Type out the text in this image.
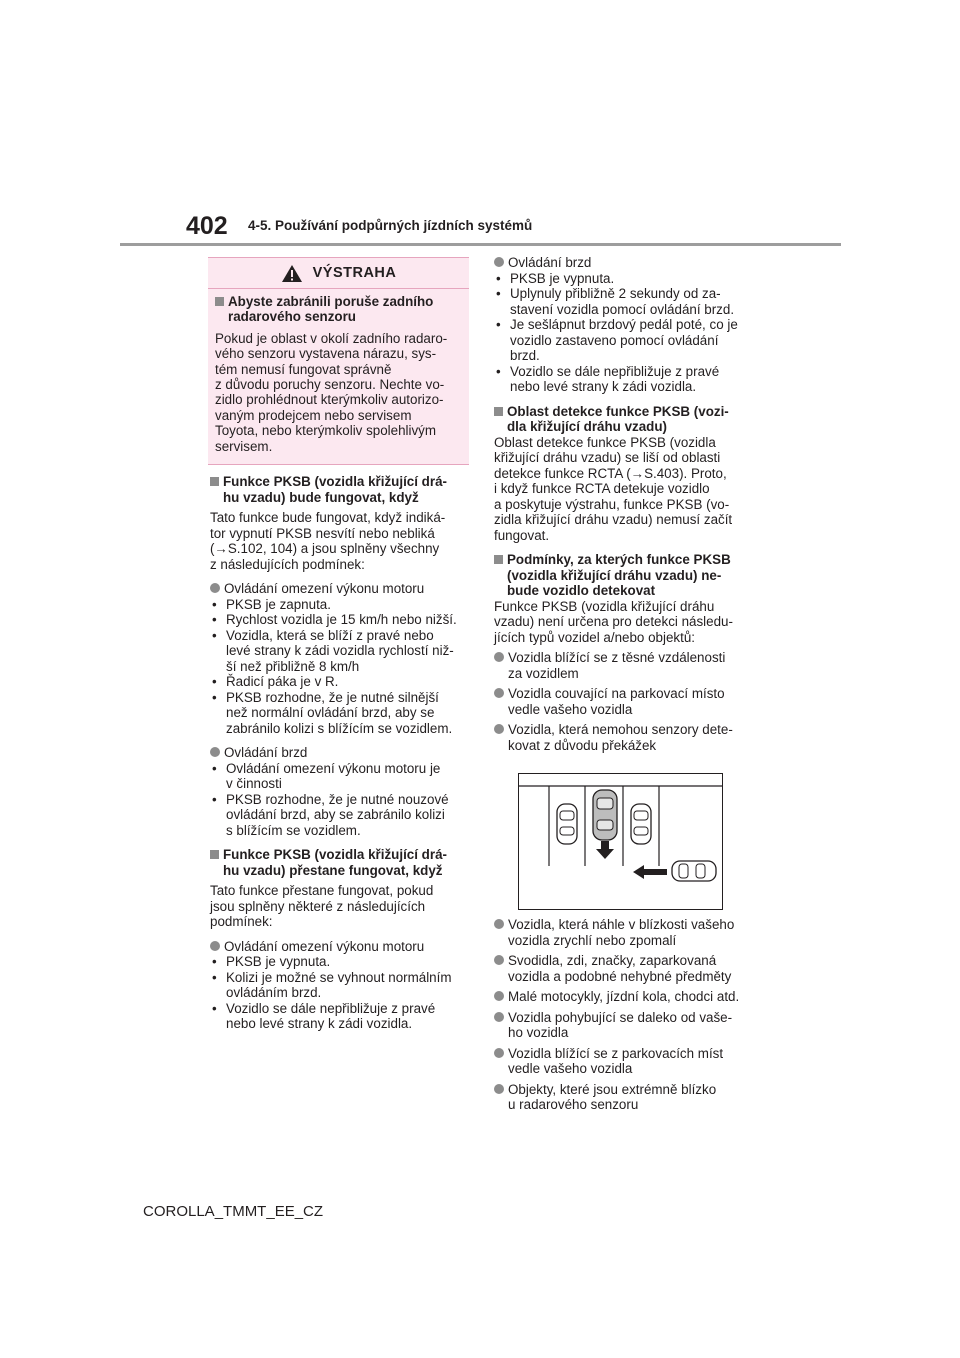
402 4-5. Používání podpůrných jízdních systémů
VÝSTRAHA
Abyste zabránili poruše zadního radarového senzoru
Pokud je oblast v okolí zadního radaro-
vého senzoru vystavena nárazu, sys-
tém nemusí fungovat správně
z důvodu poruchy senzoru. Nechte vo-
zidlo prohlédnout kterýmkoliv autorizo-
vaným prodejcem nebo servisem
Toyota, nebo kterýmkoliv spolehlivým
servisem.
Funkce PKSB (vozidla křižující drá-
hu vzadu) bude fungovat, když
Tato funkce bude fungovat, když indiká-
tor vypnutí PKSB nesvítí nebo nebliká
(→S.102, 104) a jsou splněny všechny
z následujících podmínek:
Ovládání omezení výkonu motoru
• PKSB je zapnuta.
• Rychlost vozidla je 15 km/h nebo nižší.
• Vozidla, která se blíží z pravé nebo
levé strany k zádi vozidla rychlostí niž-
ší než přibližně 8 km/h
• Řadicí páka je v R.
• PKSB rozhodne, že je nutné silnější
než normální ovládání brzd, aby se
zabránilo kolizi s blížícím se vozidlem.
Ovládání brzd
• Ovládání omezení výkonu motoru je
v činnosti
• PKSB rozhodne, že je nutné nouzové
ovládání brzd, aby se zabránilo kolizi
s blížícím se vozidlem.
Funkce PKSB (vozidla křižující drá-
hu vzadu) přestane fungovat, když
Tato funkce přestane fungovat, pokud
jsou splněny některé z následujících
podmínek:
Ovládání omezení výkonu motoru
• PKSB je vypnuta.
• Kolizi je možné se vyhnout normálním
ovládáním brzd.
• Vozidlo se dále nepřibližuje z pravé
nebo levé strany k zádi vozidla.
Ovládání brzd
• PKSB je vypnuta.
• Uplynuly přibližně 2 sekundy od za-
stavení vozidla pomocí ovládání brzd.
• Je sešlápnut brzdový pedál poté, co je
vozidlo zastaveno pomocí ovládání
brzd.
• Vozidlo se dále nepřibližuje z pravé
nebo levé strany k zádi vozidla.
Oblast detekce funkce PKSB (vozi-
dla křižující dráhu vzadu)
Oblast detekce funkce PKSB (vozidla
křižující dráhu vzadu) se liší od oblasti
detekce funkce RCTA (→S.403). Proto,
i když funkce RCTA detekuje vozidlo
a poskytuje výstrahu, funkce PKSB (vo-
zidla křižující dráhu vzadu) nemusí začít
fungovat.
Podmínky, za kterých funkce PKSB
(vozidla křižující dráhu vzadu) ne-
bude vozidlo detekovat
Funkce PKSB (vozidla křižující dráhu
vzadu) není určena pro detekci následu-
jících typů vozidel a/nebo objektů:
Vozidla blížící se z těsné vzdálenosti
za vozidlem
Vozidla couvající na parkovací místo
vedle vašeho vozidla
Vozidla, která nemohou senzory dete-
kovat z důvodu překážek
Vozidla, která náhle v blízkosti vašeho
vozidla zrychlí nebo zpomalí
Svodidla, zdi, značky, zaparkovaná
vozidla a podobné nehybné předměty
Malé motocykly, jízdní kola, chodci atd.
Vozidla pohybující se daleko od vaše-
ho vozidla
Vozidla blížící se z parkovacích míst
vedle vašeho vozidla
Objekty, které jsou extrémně blízko
u radarového senzoru
COROLLA_TMMT_EE_CZ
